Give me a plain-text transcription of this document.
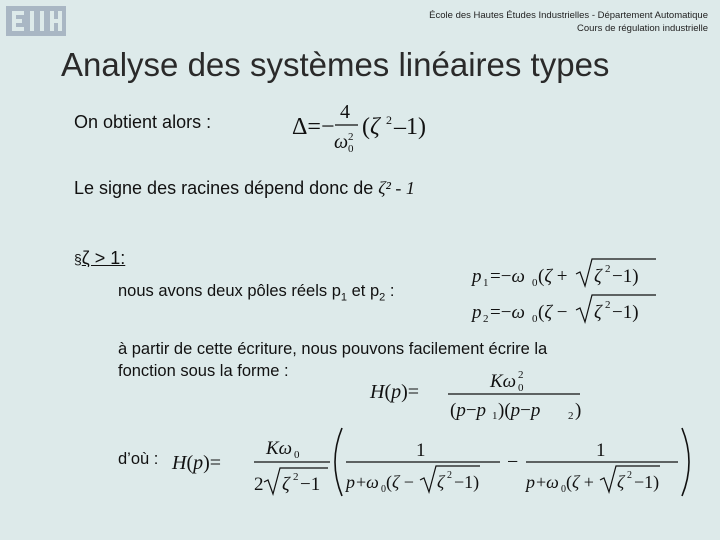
École des Hautes Études Industrielles - Département Automatique
Cours de régulation industrielle
Analyse des systèmes linéaires types
On obtient alors :	Δ=−
4
ω 2
0
(ζ 2 –1)
Le signe des racines dépend donc de ζ² - 1
§ζ > 1:
nous avons deux pôles réels $p_1$ et $p_2$ :
p 1 =−ω 0 (ζ + ζ 2 −1)
p 2 =−ω 0 (ζ − ζ 2 −1)
à partir de cette écriture, nous pouvons facilement écrire la
fonction sous la forme :
H(p)=	Kω 0
2
(p−p 1 )(p−p	2 )
d’où : H(p)=
Kω 0
2 ζ 2 −1
1
p +ω 0 (ζ − ζ 2 −1)
−
1
p +ω 0 (ζ + ζ 2 −1)
